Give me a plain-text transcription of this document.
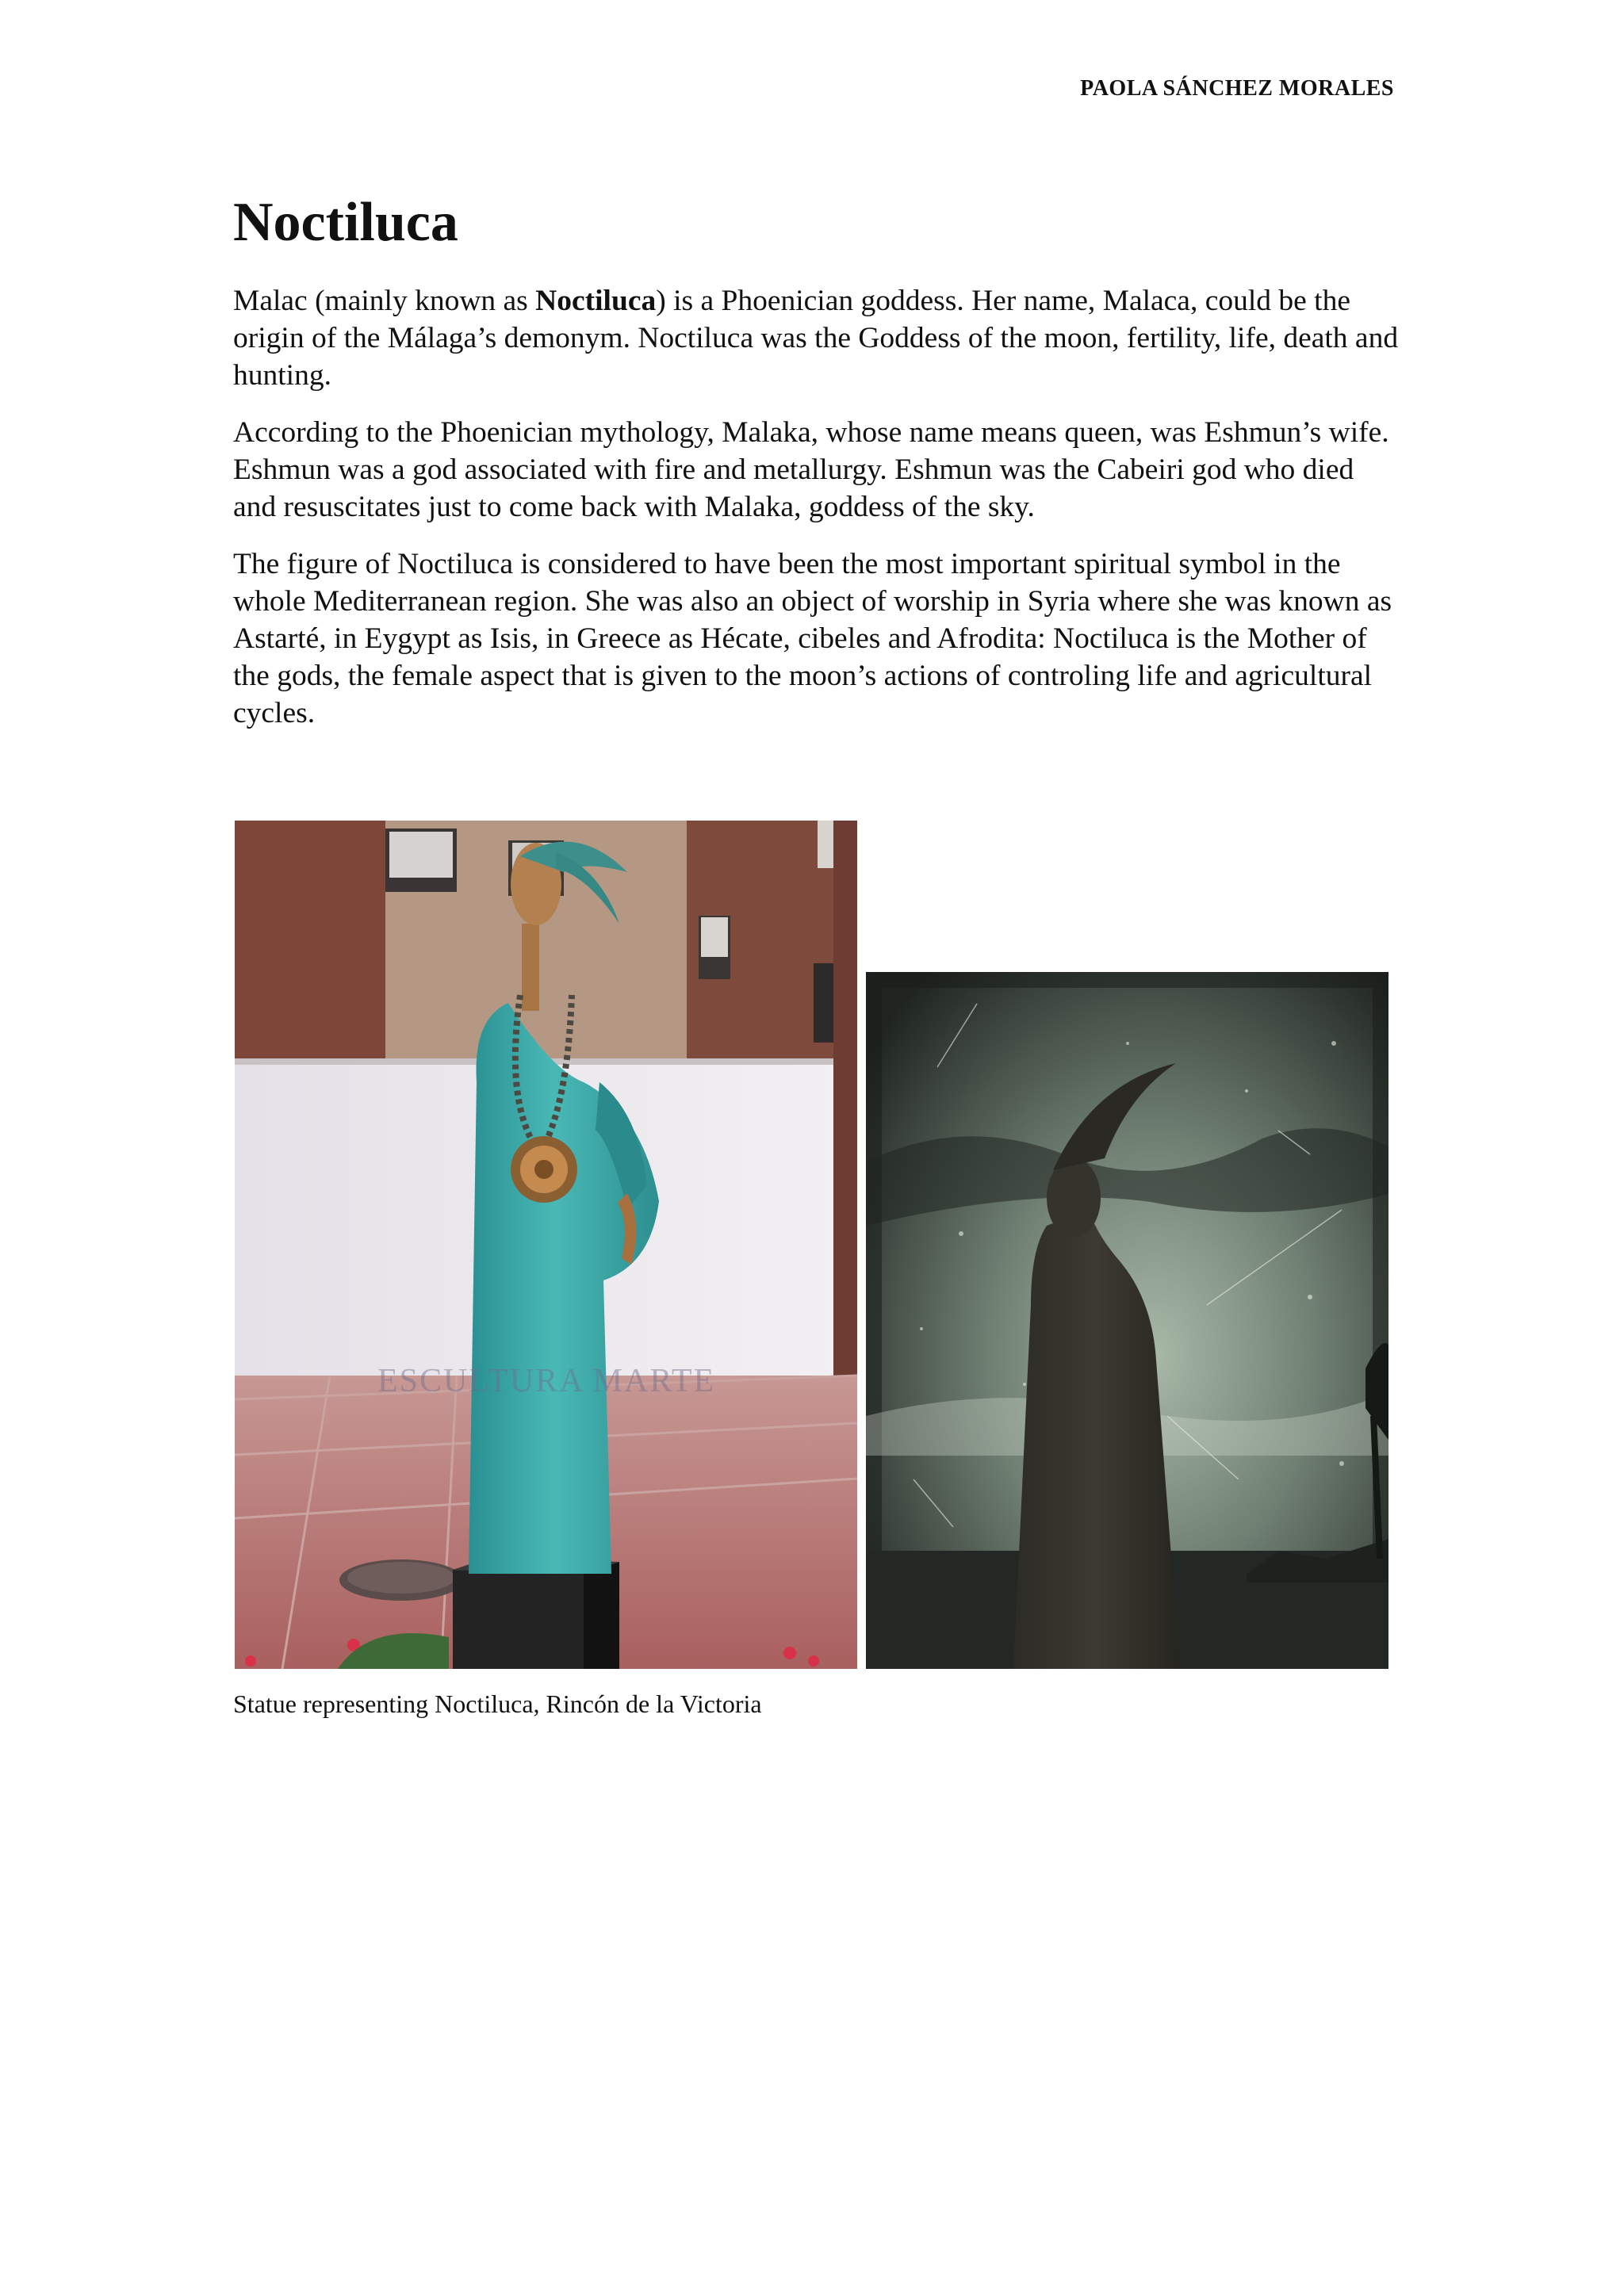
PAOLA SÁNCHEZ MORALES

Noctiluca

Malac (mainly known as Noctiluca) is a Phoenician goddess. Her name, Malaca, could be the origin of the Málaga’s demonym. Noctiluca was the Goddess of the moon, fertility, life, death and hunting.

According to the Phoenician mythology, Malaka, whose name means queen, was Eshmun’s wife. Eshmun was a god associated with fire and metallurgy. Eshmun was the Cabeiri god who died and resuscitates just to come back with Malaka, goddess of the sky.

The figure of Noctiluca is considered to have been the most important spiritual symbol in the whole Mediterranean region. She was also an object of worship in Syria where she was known as Astarté, in Eygypt as Isis, in Greece as Hécate, cibeles and Afrodita: Noctiluca is the Mother of the gods, the female aspect that is given to the moon’s actions of controling life and agricultural cycles.

ESCULTURA MARTE

Statue representing Noctiluca, Rincón de la Victoria
